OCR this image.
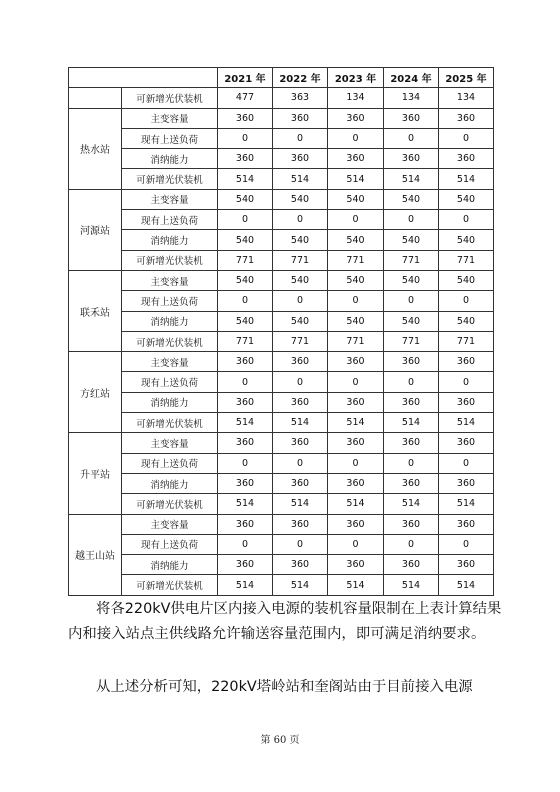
		2021 年	2022 年	2023 年	2024 年	2025 年
	可新增光伏装机	477	363	134	134	134
热水站	主变容量	360	360	360	360	360
	现有上送负荷	0	0	0	0	0
	消纳能力	360	360	360	360	360
	可新增光伏装机	514	514	514	514	514
河源站	主变容量	540	540	540	540	540
	现有上送负荷	0	0	0	0	0
	消纳能力	540	540	540	540	540
	可新增光伏装机	771	771	771	771	771
联禾站	主变容量	540	540	540	540	540
	现有上送负荷	0	0	0	0	0
	消纳能力	540	540	540	540	540
	可新增光伏装机	771	771	771	771	771
方红站	主变容量	360	360	360	360	360
	现有上送负荷	0	0	0	0	0
	消纳能力	360	360	360	360	360
	可新增光伏装机	514	514	514	514	514
升平站	主变容量	360	360	360	360	360
	现有上送负荷	0	0	0	0	0
	消纳能力	360	360	360	360	360
	可新增光伏装机	514	514	514	514	514
越王山站	主变容量	360	360	360	360	360
	现有上送负荷	0	0	0	0	0
	消纳能力	360	360	360	360	360
	可新增光伏装机	514	514	514	514	514

将各220kV供电片区内接入电源的装机容量限制在上表计算结果内和接入站点主供线路允许输送容量范围内，即可满足消纳要求。

从上述分析可知，220kV塔岭站和奎阁站由于目前接入电源

第 60 页
